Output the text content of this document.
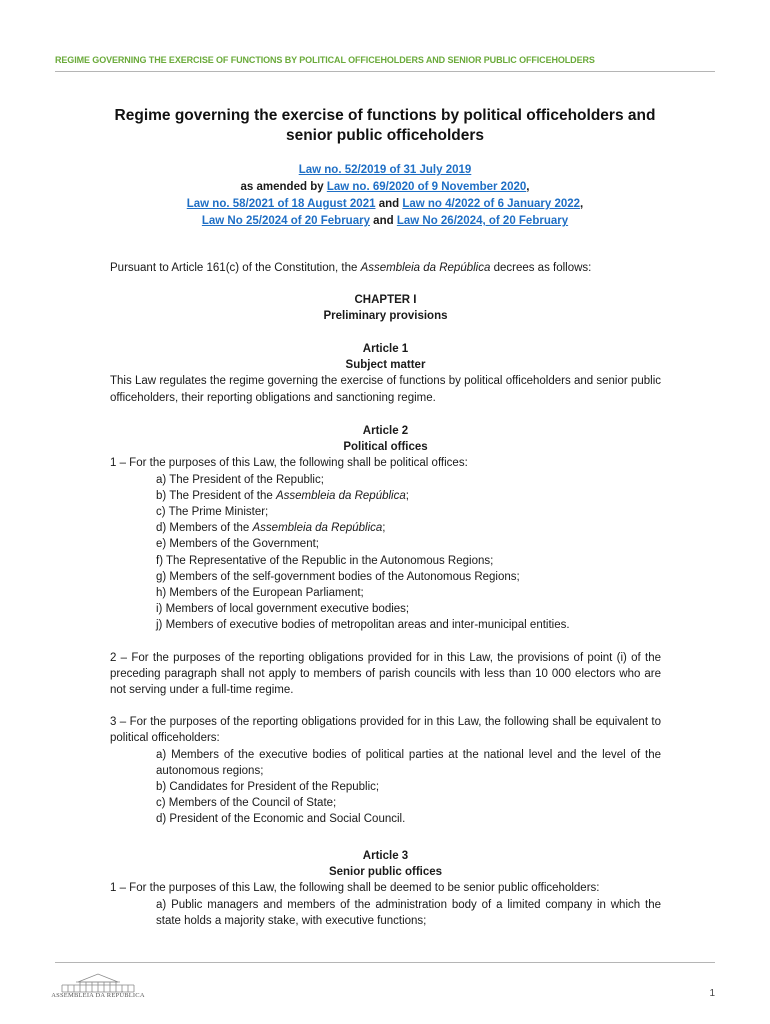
REGIME GOVERNING THE EXERCISE OF FUNCTIONS BY POLITICAL OFFICEHOLDERS AND SENIOR PUBLIC OFFICEHOLDERS
Regime governing the exercise of functions by political officeholders and senior public officeholders
Law no. 52/2019 of 31 July 2019
as amended by Law no. 69/2020 of 9 November 2020,
Law no. 58/2021 of 18 August 2021 and Law no 4/2022 of 6 January 2022,
Law No 25/2024 of 20 February and Law No 26/2024, of 20 February
Pursuant to Article 161(c) of the Constitution, the Assembleia da República decrees as follows:
CHAPTER I
Preliminary provisions
Article 1
Subject matter
This Law regulates the regime governing the exercise of functions by political officeholders and senior public officeholders, their reporting obligations and sanctioning regime.
Article 2
Political offices
1 – For the purposes of this Law, the following shall be political offices:
a) The President of the Republic;
b) The President of the Assembleia da República;
c) The Prime Minister;
d) Members of the Assembleia da República;
e) Members of the Government;
f) The Representative of the Republic in the Autonomous Regions;
g) Members of the self-government bodies of the Autonomous Regions;
h) Members of the European Parliament;
i) Members of local government executive bodies;
j) Members of executive bodies of metropolitan areas and inter-municipal entities.
2 – For the purposes of the reporting obligations provided for in this Law, the provisions of point (i) of the preceding paragraph shall not apply to members of parish councils with less than 10 000 electors who are not serving under a full-time regime.
3 – For the purposes of the reporting obligations provided for in this Law, the following shall be equivalent to political officeholders:
a) Members of the executive bodies of political parties at the national level and the level of the autonomous regions;
b) Candidates for President of the Republic;
c) Members of the Council of State;
d) President of the Economic and Social Council.
Article 3
Senior public offices
1 – For the purposes of this Law, the following shall be deemed to be senior public officeholders:
a) Public managers and members of the administration body of a limited company in which the state holds a majority stake, with executive functions;
ASSEMBLEIA DA REPÚBLICA	1
